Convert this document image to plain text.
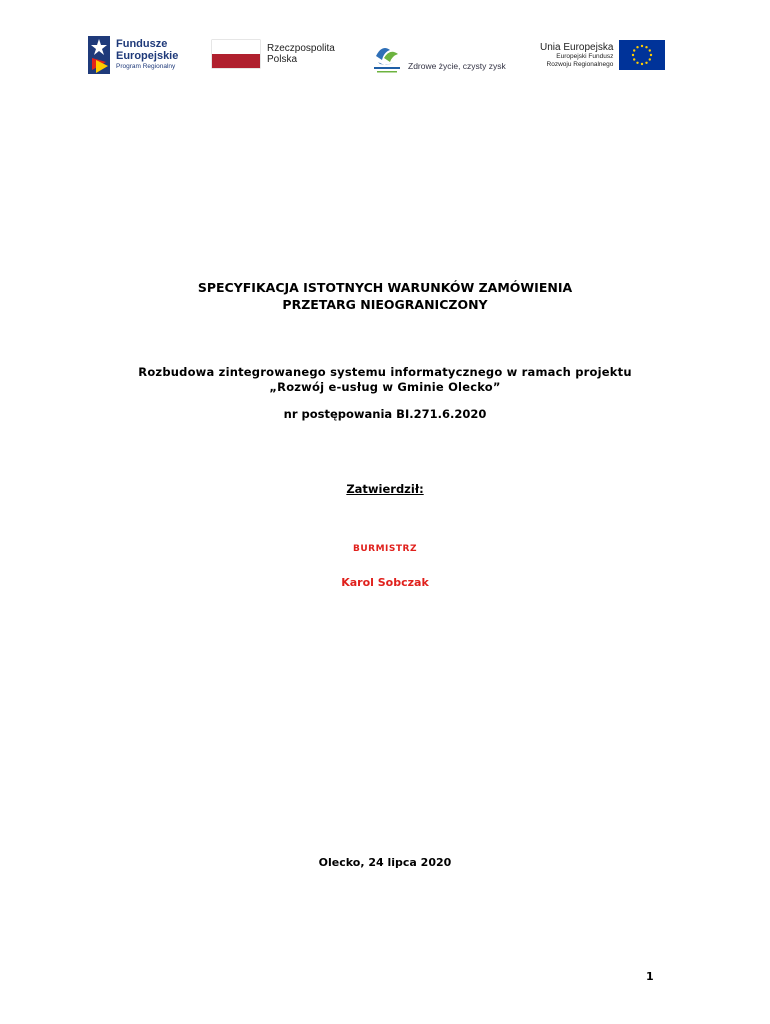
Fundusze
Europejskie
Program Regionalny
Rzeczpospolita
Polska
Zdrowe życie, czysty zysk
Unia Europejska
Europejski Fundusz
Rozwoju Regionalnego
SPECYFIKACJA ISTOTNYCH WARUNKÓW ZAMÓWIENIA
PRZETARG NIEOGRANICZONY
Rozbudowa zintegrowanego systemu informatycznego w ramach projektu
„Rozwój e-usług w Gminie Olecko”
nr postępowania BI.271.6.2020
Zatwierdził:
BURMISTRZ
Karol Sobczak
Olecko, 24 lipca 2020
1
